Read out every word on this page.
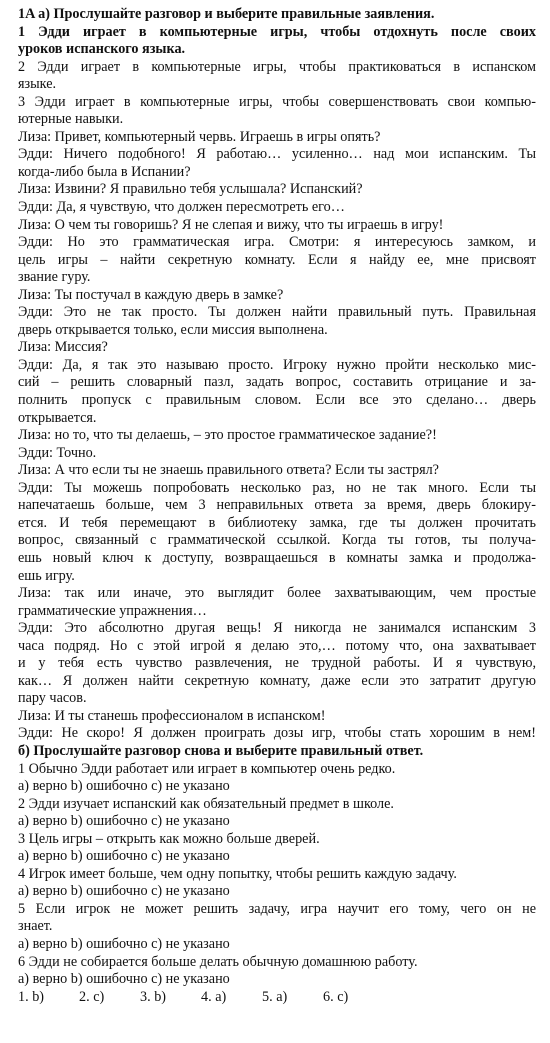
1A а) Прослушайте разговор и выберите правильные заявления.
1 Эдди играет в компьютерные игры, чтобы отдохнуть после своих
уроков испанского языка.
2 Эдди играет в компьютерные игры, чтобы практиковаться в испанском
языке.
3 Эдди играет в компьютерные игры, чтобы совершенствовать свои компью-
ютерные навыки.
Лиза: Привет, компьютерный червь. Играешь в игры опять?
Эдди: Ничего подобного! Я работаю… усиленно… над мои испанским. Ты
когда-либо была в Испании?
Лиза: Извини? Я правильно тебя услышала? Испанский?
Эдди: Да, я чувствую, что должен пересмотреть его…
Лиза: О чем ты говоришь? Я не слепая и вижу, что ты играешь в игру!
Эдди: Но это грамматическая игра. Смотри: я интересуюсь замком, и
цель игры – найти секретную комнату. Если я найду ее, мне присвоят
звание гуру.
Лиза: Ты постучал в каждую дверь в замке?
Эдди: Это не так просто. Ты должен найти правильный путь. Правильная
дверь открывается только, если миссия выполнена.
Лиза: Миссия?
Эдди: Да, я так это называю просто. Игроку нужно пройти несколько мис-
сий – решить словарный пазл, задать вопрос, составить отрицание и за-
полнить пропуск с правильным словом. Если все это сделано… дверь
открывается.
Лиза: но то, что ты делаешь, – это простое грамматическое задание?!
Эдди: Точно.
Лиза: А что если ты не знаешь правильного ответа? Если ты застрял?
Эдди: Ты можешь попробовать несколько раз, но не так много. Если ты
напечатаешь больше, чем 3 неправильных ответа за время, дверь блокиру-
ется. И тебя перемещают в библиотеку замка, где ты должен прочитать
вопрос, связанный с грамматической ссылкой. Когда ты готов, ты получа-
ешь новый ключ к доступу, возвращаешься в комнаты замка и продолжа-
ешь игру.
Лиза: так или иначе, это выглядит более захватывающим, чем простые
грамматические упражнения…
Эдди: Это абсолютно другая вещь! Я никогда не занимался испанским 3
часа подряд. Но с этой игрой я делаю это,… потому что, она захватывает
и у тебя есть чувство развлечения, не трудной работы. И я чувствую,
как… Я должен найти секретную комнату, даже если это затратит другую
пару часов.
Лиза: И ты станешь профессионалом в испанском!
Эдди: Не скоро! Я должен проиграть дозы игр, чтобы стать хорошим в нем!
б) Прослушайте разговор снова и выберите правильный ответ.
1 Обычно Эдди работает или играет в компьютер очень редко.
а) верно b) ошибочно c) не указано
2 Эдди изучает испанский как обязательный предмет в школе.
а) верно b) ошибочно c) не указано
3 Цель игры – открыть как можно больше дверей.
а) верно b) ошибочно c) не указано
4 Игрок имеет больше, чем одну попытку, чтобы решить каждую задачу.
а) верно b) ошибочно c) не указано
5 Если игрок не может решить задачу, игра научит его тому, чего он не
знает.
а) верно b) ошибочно c) не указано
6 Эдди не собирается больше делать обычную домашнюю работу.
а) верно b) ошибочно c) не указано
1. b)	2. c)	3. b)	4. a)	5. a)	6. c)
